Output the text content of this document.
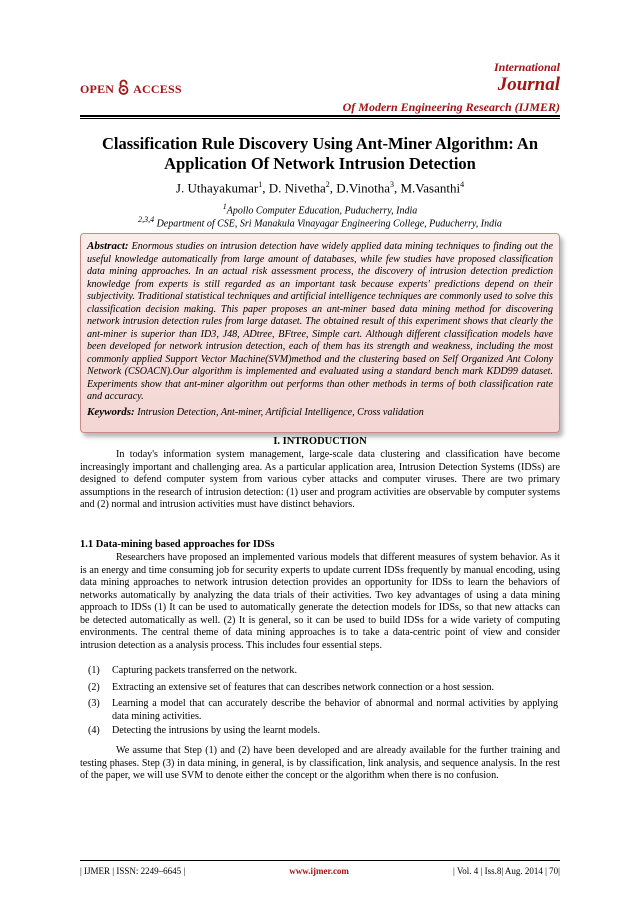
OPEN ACCESS
International
Journal
Of Modern Engineering Research (IJMER)
Classification Rule Discovery Using Ant-Miner Algorithm: An
Application Of Network Intrusion Detection
J. Uthayakumar$^1$, D. Nivetha$^2$, D.Vinotha$^3$, M.Vasanthi$^4$
$^1$Apollo Computer Education, Puducherry, India
$^{2,3,4}$ Department of CSE, Sri Manakula Vinayagar Engineering College, Puducherry, India
Abstract: Enormous studies on intrusion detection have widely applied data mining techniques to finding out the useful knowledge automatically from large amount of databases, while few studies have proposed classification data mining approaches. In an actual risk assessment process, the discovery of intrusion detection prediction knowledge from experts is still regarded as an important task because experts' predictions depend on their subjectivity. Traditional statistical techniques and artificial intelligence techniques are commonly used to solve this classification decision making. This paper proposes an ant-miner based data mining method for discovering network intrusion detection rules from large dataset. The obtained result of this experiment shows that clearly the ant-miner is superior than ID3, J48, ADtree, BFtree, Simple cart. Although different classification models have been developed for network intrusion detection, each of them has its strength and weakness, including the most commonly applied Support Vector Machine(SVM)method and the clustering based on Self Organized Ant Colony Network (CSOACN).Our algorithm is implemented and evaluated using a standard bench mark KDD99 dataset. Experiments show that ant-miner algorithm out performs than other methods in terms of both classification rate and accuracy.
Keywords: Intrusion Detection, Ant-miner, Artificial Intelligence, Cross validation
I. INTRODUCTION
In today's information system management, large-scale data clustering and classification have become increasingly important and challenging area. As a particular application area, Intrusion Detection Systems (IDSs) are designed to defend computer system from various cyber attacks and computer viruses. There are two primary assumptions in the research of intrusion detection: (1) user and program activities are observable by computer systems and (2) normal and intrusion activities must have distinct behaviors.
1.1 Data-mining based approaches for IDSs
Researchers have proposed an implemented various models that different measures of system behavior. As it is an energy and time consuming job for security experts to update current IDSs frequently by manual encoding, using data mining approaches to network intrusion detection provides an opportunity for IDSs to learn the behaviors of networks automatically by analyzing the data trials of their activities. Two key advantages of using a data mining approach to IDSs (1) It can be used to automatically generate the detection models for IDSs, so that new attacks can be detected automatically as well. (2) It is general, so it can be used to build IDSs for a wide variety of computing environments. The central theme of data mining approaches is to take a data-centric point of view and consider intrusion detection as a analysis process. This includes four essential steps.
(1) Capturing packets transferred on the network.
(2) Extracting an extensive set of features that can describes network connection or a host session.
(3) Learning a model that can accurately describe the behavior of abnormal and normal activities by applying data mining activities.
(4) Detecting the intrusions by using the learnt models.
We assume that Step (1) and (2) have been developed and are already available for the further training and testing phases. Step (3) in data mining, in general, is by classification, link analysis, and sequence analysis. In the rest of the paper, we will use SVM to denote either the concept or the algorithm when there is no confusion.
| IJMER | ISSN: 2249–6645 |	www.ijmer.com	| Vol. 4 | Iss.8| Aug. 2014 | 70|
